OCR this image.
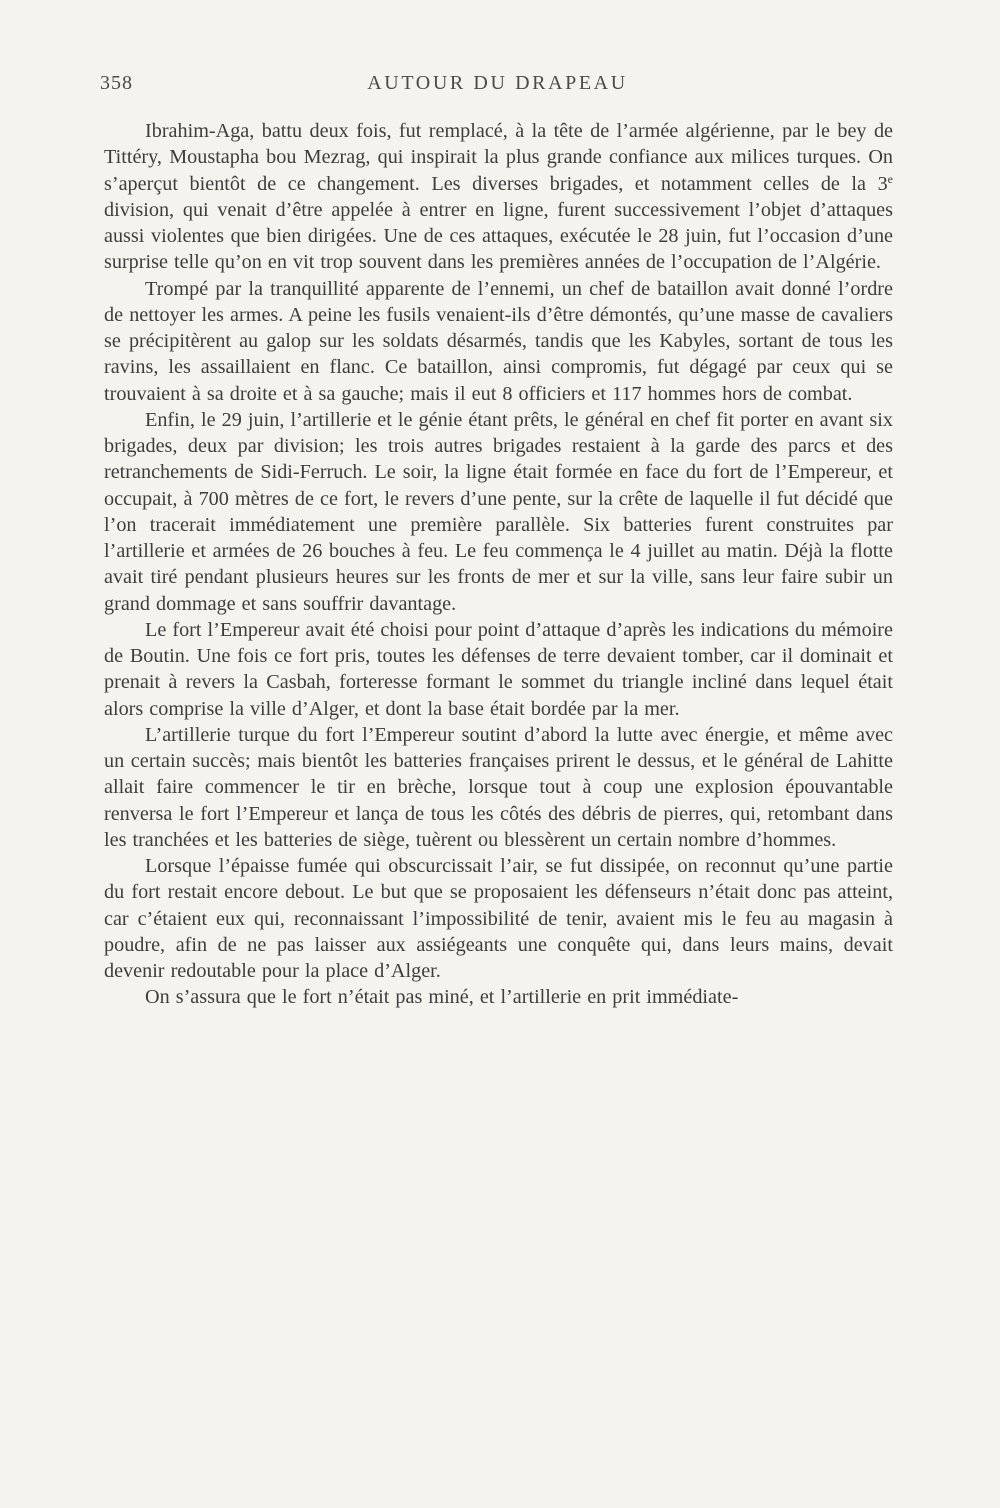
358	AUTOUR DU DRAPEAU

Ibrahim-Aga, battu deux fois, fut remplacé, à la tête de l’armée algérienne, par le bey de Tittéry, Moustapha bou Mezrag, qui inspirait la plus grande confiance aux milices turques. On s’aperçut bientôt de ce changement. Les diverses brigades, et notamment celles de la 3e division, qui venait d’être appelée à entrer en ligne, furent successivement l’objet d’attaques aussi violentes que bien dirigées. Une de ces attaques, exécutée le 28 juin, fut l’occasion d’une surprise telle qu’on en vit trop souvent dans les premières années de l’occupation de l’Algérie.

Trompé par la tranquillité apparente de l’ennemi, un chef de bataillon avait donné l’ordre de nettoyer les armes. A peine les fusils venaient-ils d’être démontés, qu’une masse de cavaliers se précipitèrent au galop sur les soldats désarmés, tandis que les Kabyles, sortant de tous les ravins, les assaillaient en flanc. Ce bataillon, ainsi compromis, fut dégagé par ceux qui se trouvaient à sa droite et à sa gauche; mais il eut 8 officiers et 117 hommes hors de combat.

Enfin, le 29 juin, l’artillerie et le génie étant prêts, le général en chef fit porter en avant six brigades, deux par division; les trois autres brigades restaient à la garde des parcs et des retranchements de Sidi-Ferruch. Le soir, la ligne était formée en face du fort de l’Empereur, et occupait, à 700 mètres de ce fort, le revers d’une pente, sur la crête de laquelle il fut décidé que l’on tracerait immédiatement une première parallèle. Six batteries furent construites par l’artillerie et armées de 26 bouches à feu. Le feu commença le 4 juillet au matin. Déjà la flotte avait tiré pendant plusieurs heures sur les fronts de mer et sur la ville, sans leur faire subir un grand dommage et sans souffrir davantage.

Le fort l’Empereur avait été choisi pour point d’attaque d’après les indications du mémoire de Boutin. Une fois ce fort pris, toutes les défenses de terre devaient tomber, car il dominait et prenait à revers la Casbah, forteresse formant le sommet du triangle incliné dans lequel était alors comprise la ville d’Alger, et dont la base était bordée par la mer.

L’artillerie turque du fort l’Empereur soutint d’abord la lutte avec énergie, et même avec un certain succès; mais bientôt les batteries françaises prirent le dessus, et le général de Lahitte allait faire commencer le tir en brèche, lorsque tout à coup une explosion épouvantable renversa le fort l’Empereur et lança de tous les côtés des débris de pierres, qui, retombant dans les tranchées et les batteries de siège, tuèrent ou blessèrent un certain nombre d’hommes.

Lorsque l’épaisse fumée qui obscurcissait l’air, se fut dissipée, on reconnut qu’une partie du fort restait encore debout. Le but que se proposaient les défenseurs n’était donc pas atteint, car c’étaient eux qui, reconnaissant l’impossibilité de tenir, avaient mis le feu au magasin à poudre, afin de ne pas laisser aux assiégeants une conquête qui, dans leurs mains, devait devenir redoutable pour la place d’Alger.

On s’assura que le fort n’était pas miné, et l’artillerie en prit immédiate-
